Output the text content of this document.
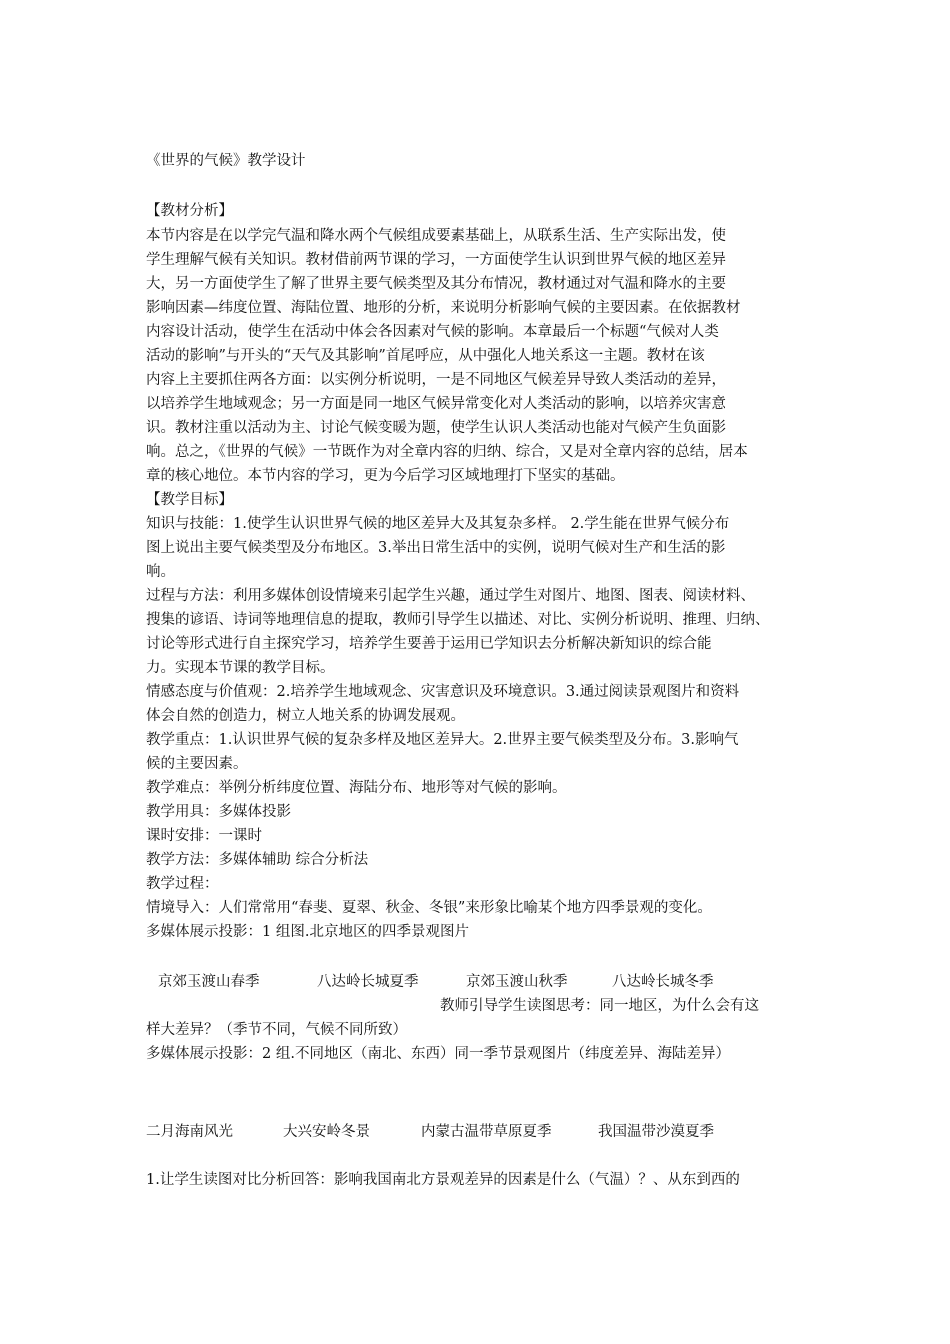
《世界的气候》教学设计
【教材分析】
本节内容是在以学完气温和降水两个气候组成要素基础上，从联系生活、生产实际出发，使
学生理解气候有关知识。教材借前两节课的学习，一方面使学生认识到世界气候的地区差异
大，另一方面使学生了解了世界主要气候类型及其分布情况，教材通过对气温和降水的主要
影响因素—纬度位置、海陆位置、地形的分析，来说明分析影响气候的主要因素。在依据教材
内容设计活动，使学生在活动中体会各因素对气候的影响。本章最后一个标题“气候对人类
活动的影响”与开头的“天气及其影响”首尾呼应，从中强化人地关系这一主题。教材在该
内容上主要抓住两各方面：以实例分析说明，一是不同地区气候差异导致人类活动的差异，
以培养学生地域观念；另一方面是同一地区气候异常变化对人类活动的影响，以培养灾害意
识。教材注重以活动为主、讨论气候变暖为题，使学生认识人类活动也能对气候产生负面影
响。总之，《世界的气候》一节既作为对全章内容的归纳、综合，又是对全章内容的总结，居本
章的核心地位。本节内容的学习，更为今后学习区域地理打下坚实的基础。
【教学目标】
知识与技能：1.使学生认识世界气候的地区差异大及其复杂多样。 2.学生能在世界气候分布
图上说出主要气候类型及分布地区。3.举出日常生活中的实例，说明气候对生产和生活的影
响。
过程与方法：利用多媒体创设情境来引起学生兴趣，通过学生对图片、地图、图表、阅读材料、
搜集的谚语、诗词等地理信息的提取，教师引导学生以描述、对比、实例分析说明、推理、归纳、
讨论等形式进行自主探究学习，培养学生要善于运用已学知识去分析解决新知识的综合能
力。实现本节课的教学目标。
情感态度与价值观：2.培养学生地域观念、灾害意识及环境意识。3.通过阅读景观图片和资料
体会自然的创造力，树立人地关系的协调发展观。
教学重点：1.认识世界气候的复杂多样及地区差异大。2.世界主要气候类型及分布。3.影响气
候的主要因素。
教学难点：举例分析纬度位置、海陆分布、地形等对气候的影响。
教学用具：多媒体投影
课时安排：一课时
教学方法：多媒体辅助 综合分析法
教学过程：
情境导入：人们常常用“春斐、夏翠、秋金、冬银”来形象比喻某个地方四季景观的变化。
多媒体展示投影：1 组图.北京地区的四季景观图片
京郊玉渡山春季	八达岭长城夏季	京郊玉渡山秋季	八达岭长城冬季
教师引导学生读图思考：同一地区，为什么会有这
样大差异？（季节不同，气候不同所致）
多媒体展示投影：2 组.不同地区（南北、东西）同一季节景观图片（纬度差异、海陆差异）
二月海南风光	大兴安岭冬景	内蒙古温带草原夏季	我国温带沙漠夏季
1.让学生读图对比分析回答：影响我国南北方景观差异的因素是什么（气温）？、从东到西的
